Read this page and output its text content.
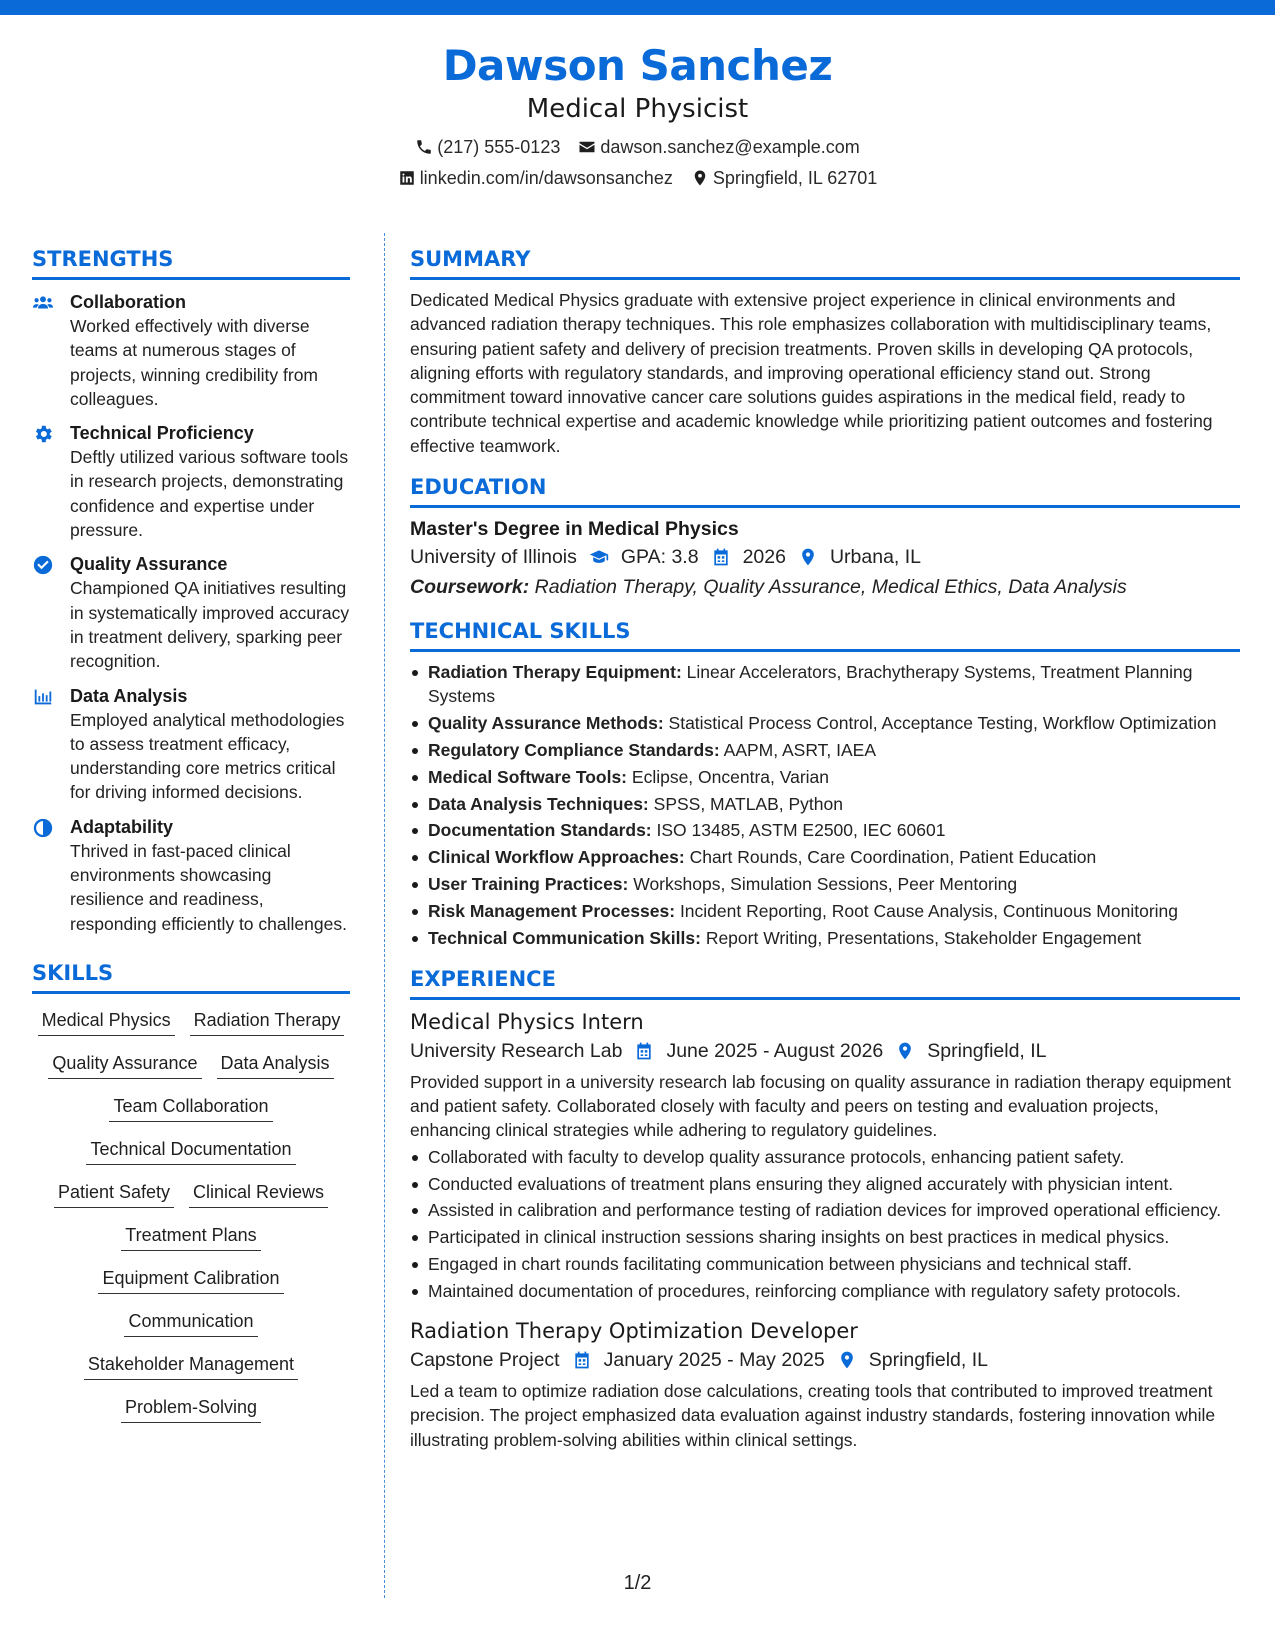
Dawson Sanchez
Medical Physicist
(217) 555-0123 dawson.sanchez@example.com
linkedin.com/in/dawsonsanchez Springfield, IL 62701
STRENGTHS
Collaboration
Worked effectively with diverse teams at numerous stages of projects, winning credibility from colleagues.
Technical Proficiency
Deftly utilized various software tools in research projects, demonstrating confidence and expertise under pressure.
Quality Assurance
Championed QA initiatives resulting in systematically improved accuracy in treatment delivery, sparking peer recognition.
Data Analysis
Employed analytical methodologies to assess treatment efficacy, understanding core metrics critical for driving informed decisions.
Adaptability
Thrived in fast-paced clinical environments showcasing resilience and readiness, responding efficiently to challenges.
SKILLS
Medical Physics Radiation Therapy
Quality Assurance Data Analysis
Team Collaboration
Technical Documentation
Patient Safety Clinical Reviews
Treatment Plans
Equipment Calibration
Communication
Stakeholder Management
Problem-Solving
SUMMARY
Dedicated Medical Physics graduate with extensive project experience in clinical environments and advanced radiation therapy techniques. This role emphasizes collaboration with multidisciplinary teams, ensuring patient safety and delivery of precision treatments. Proven skills in developing QA protocols, aligning efforts with regulatory standards, and improving operational efficiency stand out. Strong commitment toward innovative cancer care solutions guides aspirations in the medical field, ready to contribute technical expertise and academic knowledge while prioritizing patient outcomes and fostering effective teamwork.
EDUCATION
Master's Degree in Medical Physics
University of Illinois GPA: 3.8 2026 Urbana, IL
Coursework: Radiation Therapy, Quality Assurance, Medical Ethics, Data Analysis
TECHNICAL SKILLS
Radiation Therapy Equipment: Linear Accelerators, Brachytherapy Systems, Treatment Planning Systems
Quality Assurance Methods: Statistical Process Control, Acceptance Testing, Workflow Optimization
Regulatory Compliance Standards: AAPM, ASRT, IAEA
Medical Software Tools: Eclipse, Oncentra, Varian
Data Analysis Techniques: SPSS, MATLAB, Python
Documentation Standards: ISO 13485, ASTM E2500, IEC 60601
Clinical Workflow Approaches: Chart Rounds, Care Coordination, Patient Education
User Training Practices: Workshops, Simulation Sessions, Peer Mentoring
Risk Management Processes: Incident Reporting, Root Cause Analysis, Continuous Monitoring
Technical Communication Skills: Report Writing, Presentations, Stakeholder Engagement
EXPERIENCE
Medical Physics Intern
University Research Lab June 2025 - August 2026 Springfield, IL
Provided support in a university research lab focusing on quality assurance in radiation therapy equipment and patient safety. Collaborated closely with faculty and peers on testing and evaluation projects, enhancing clinical strategies while adhering to regulatory guidelines.
Collaborated with faculty to develop quality assurance protocols, enhancing patient safety.
Conducted evaluations of treatment plans ensuring they aligned accurately with physician intent.
Assisted in calibration and performance testing of radiation devices for improved operational efficiency.
Participated in clinical instruction sessions sharing insights on best practices in medical physics.
Engaged in chart rounds facilitating communication between physicians and technical staff.
Maintained documentation of procedures, reinforcing compliance with regulatory safety protocols.
Radiation Therapy Optimization Developer
Capstone Project January 2025 - May 2025 Springfield, IL
Led a team to optimize radiation dose calculations, creating tools that contributed to improved treatment precision. The project emphasized data evaluation against industry standards, fostering innovation while illustrating problem-solving abilities within clinical settings.
1/2
